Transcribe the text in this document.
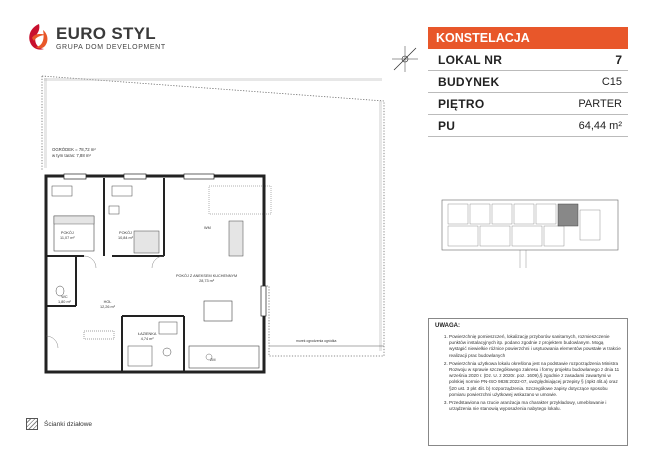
EURO STYL
GRUPA DOM DEVELOPMENT
KONSTELACJA
LOKAL NR	7
BUDYNEK	C15
PIĘTRO	PARTER
PU	64,44 m²
OGRÓDEK = 78,72 m²
w tym taras: 7,88 m²
POKÓJ
11,07 m²
POKÓJ
10,84 m²
POKÓJ Z ANEKSEM KUCHENNYM
28,73 m²
WC
1,80 m²	HOL
12,26 m²
ŁAZIENKA
4,74 m²
WM
ZM
murek ogrodzenia ogródka
UWAGA:
1. Powierzchnię pomieszczeń, lokalizację przyborów sanitarnych, rozmieszczenie punktów instalacyjnych itp. podano zgodnie z projektem budowlanym. Mogą wystąpić niewielkie różnice powierzchni i usytuowania elementów powstałe w trakcie realizacji prac budowlanych
2. Powierzchnia użytkowa lokalu określona jest na podstawie rozporządzenia Ministra Rozwoju w sprawie szczegółowego zakresu i formy projektu budowlanego z dnia 11 września 2020 r. (Dz. U. z 2020r. poz. 1609),§ zgodnie z zasadami zawartymi w polskiej normie PN-ISO 9836:2022-07, uwzględniającej przepisy § (4pkt 4lit.a) oraz §20 ust. 3 pkt 4lit. b) rozporządzenia. Szczegółowe zapisy dotyczące sposobu pomiaru powierzchni użytkowej wskazano w umowie.
3. Przedstawiona na rzucie aranżacja ma charakter przykładowy, umeblowanie i urządzenia nie stanowią wyposażenia nabytego lokalu.
Ścianki działowe
